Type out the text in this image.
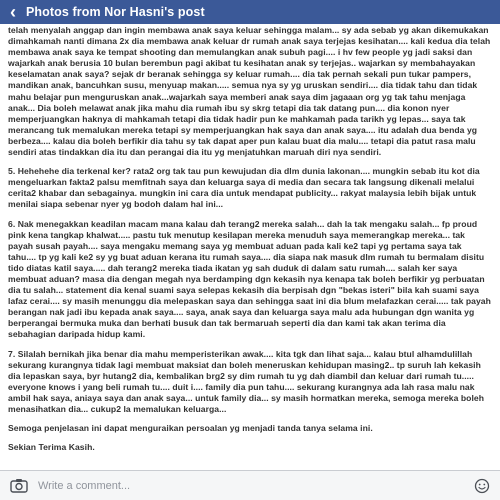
‹ Photos from Nor Hasni's post

telah menyalah anggap dan ingin membawa anak saya keluar sehingga malam... sy ada sebab yg akan dikemukakan dimahkamah nanti dimana 2x dia membawa anak keluar dr rumah anak saya terjejas kesihatan.... kali kedua dia telah membawa anak saya ke tempat shooting dan memulangkan anak subuh pagi.... i hv few people yg jadi saksi dan wajarkah anak berusia 10 bulan berembun pagi akibat tu kesihatan anak sy terjejas.. wajarkan sy membahayakan keselamatan anak saya? sejak dr beranak sehingga sy keluar rumah.... dia tak pernah sekali pun tukar pampers, mandikan anak, bancuhkan susu, menyuap makan..... semua nya sy yg uruskan sendiri.... dia tidak tahu dan tidak mahu belajar pun menguruskan anak...wajarkah saya memberi anak saya dim jagaaan org yg tak tahu menjaga anak... Dia boleh melawat anak jika mahu dia rumah ibu sy skrg tetapi dia tak datang pun.... dia konon nyer memperjuangkan haknya di mahkamah tetapi dia tidak hadir pun ke mahkamah pada tarikh yg lepas... saya tak merancang tuk memalukan mereka tetapi sy memperjuangkan hak saya dan anak saya.... itu adalah dua benda yg berbeza.... kalau dia boleh berfikir dia tahu sy tak dapat aper pun kalau buat dia malu.... tetapi dia patut rasa malu sendiri atas tindakkan dia itu dan perangai dia itu yg menjatuhkan maruah diri nya sendiri.

5. Hehehehe dia terkenal ker? rata2 org tak tau pun kewujudan dia dlm dunia lakonan.... mungkin sebab itu kot dia mengeluarkan fakta2 palsu memfitnah saya dan keluarga saya di media dan secara tak langsung dikenali melalui cerita2 khabar dan sebagainya. mungkin ini cara dia untuk mendapat publicity... rakyat malaysia lebih bijak untuk menilai siapa sebenar nyer yg bodoh dalam hal ini...

6. Nak menegakkan keadilan macam mana kalau dah terang2 mereka salah... dah la tak mengaku salah... fp proud pink kena tangkap khalwat..... pastu tuk menutup kesilapan mereka menuduh saya memerangkap mereka... tak payah susah payah.... saya mengaku memang saya yg membuat aduan pada kali ke2 tapi yg pertama saya tak tahu.... tp yg kali ke2 sy yg buat aduan kerana itu rumah saya.... dia siapa nak masuk dlm rumah tu bermalam disitu tido diatas katil saya..... dah terang2 mereka tiada ikatan yg sah duduk di dalam satu rumah.... salah ker saya membuat aduan? masa dia dengan megah nya berdamping dgn kekasih nya kenapa tak boleh berfikir yg perbuatan dia tu salah... statement dia kenal suami saya selepas kekasih dia berpisah dgn "bekas isteri" bila kah suami saya lafaz cerai.... sy masih menunggu dia melepaskan saya dan sehingga saat ini dia blum melafazkan cerai..... tak payah berangan nak jadi ibu kepada anak saya.... saya, anak saya dan keluarga saya malu ada hubungan dgn wanita yg berperangai bermuka muka dan berhati busuk dan tak bermaruah seperti dia dan kami tak akan terima dia sebahagian daripada hidup kami.

7. Silalah bernikah jika benar dia mahu memperisterikan awak.... kita tgk dan lihat saja... kalau btul alhamdulillah sekurang kurangnya tidak lagi membuat maksiat dan boleh meneruskan kehidupan masing2.. tp suruh lah kekasih dia lepaskan saya, byr hutang2 dia, kembalikan brg2 sy dim rumah tu yg dah diambil dan keluar dari rumah tu..... everyone knows i yang beli rumah tu.... duit i.... family dia pun tahu.... sekurang kurangnya ada lah rasa malu nak ambil hak saya, aniaya saya dan anak saya... untuk family dia... sy masih hormatkan mereka, semoga mereka boleh menasihatkan dia... cukup2 la memalukan keluarga...

Semoga penjelasan ini dapat menguraikan persoalan yg menjadi tanda tanya selama ini.

Sekian Terima Kasih.

Write a comment...
